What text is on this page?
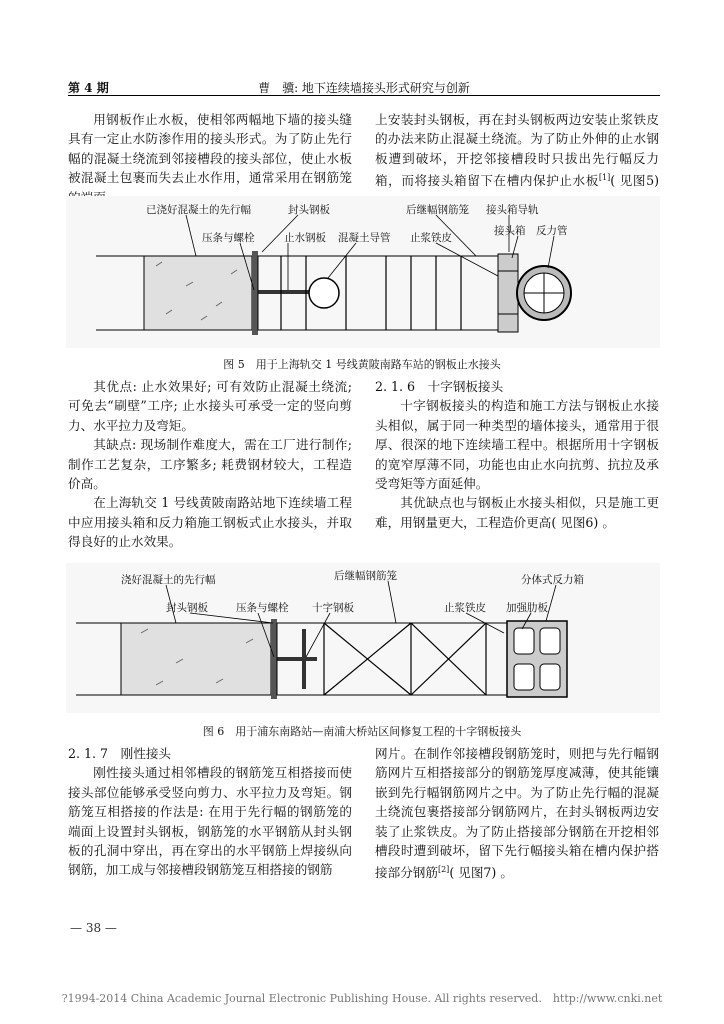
第 4 期	曹　骥: 地下连续墙接头形式研究与创新

用钢板作止水板，使相邻两幅地下墙的接头缝具有一定止水防渗作用的接头形式。为了防止先行幅的混凝土绕流到邻接槽段的接头部位，使止水板被混凝土包裹而失去止水作用，通常采用在钢筋笼

上安装封头钢板，再在封头钢板两边安装止浆铁皮的办法来防止混凝土绕流。为了防止外伸的止水钢板遭到破坏，开挖邻接槽段时只拔出先行幅反力箱，而将接头箱留下在槽内保护止水板[1]( 见图5)

已浇好混凝土的先行幅	封头钢板	后继幅钢筋笼 接头箱导轨
压条与螺栓	止水钢板 混凝土导管 止浆铁皮
接头箱 反力管
图 5　用于上海轨交 1 号线黄陂南路车站的钢板止水接头

其优点: 止水效果好; 可有效防止混凝土绕流; 可免去“刷壁”工序; 止水接头可承受一定的竖向剪力、水平拉力及弯矩。

其缺点: 现场制作难度大，需在工厂进行制作; 制作工艺复杂，工序繁多; 耗费钢材较大，工程造价高。

在上海轨交 1 号线黄陂南路站地下连续墙工程中应用接头箱和反力箱施工钢板式止水接头，并取得良好的止水效果。

2. 1. 6　十字钢板接头

十字钢板接头的构造和施工方法与钢板止水接头相似，属于同一种类型的墙体接头，通常用于很厚、很深的地下连续墙工程中。根据所用十字钢板的宽窄厚薄不同，功能也由止水向抗剪、抗拉及承受弯矩等方面延伸。

其优缺点也与钢板止水接头相似，只是施工更难，用钢量更大，工程造价更高( 见图6) 。

浇好混凝土的先行幅	后继幅钢筋笼	分体式反力箱
封头钢板	压条与螺栓 十字钢板	止浆铁皮 加强肋板
图 6　用于浦东南路站—南浦大桥站区间修复工程的十字钢板接头

2. 1. 7　刚性接头

刚性接头通过相邻槽段的钢筋笼互相搭接而使接头部位能够承受竖向剪力、水平拉力及弯矩。钢筋笼互相搭接的作法是: 在用于先行幅的钢筋笼的端面上设置封头钢板，钢筋笼的水平钢筋从封头钢板的孔洞中穿出，再在穿出的水平钢筋上焊接纵向钢筋，加工成与邻接槽段钢筋笼互相搭接的钢筋

网片。在制作邻接槽段钢筋笼时，则把与先行幅钢筋网片互相搭接部分的钢筋笼厚度减薄，使其能镶嵌到先行幅钢筋网片之中。为了防止先行幅的混凝土绕流包裹搭接部分钢筋网片，在封头钢板两边安装了止浆铁皮。为了防止搭接部分钢筋在开挖相邻槽段时遭到破坏，留下先行幅接头箱在槽内保护搭接部分钢筋[2]( 见图7) 。

— 38 —
?1994-2014 China Academic Journal Electronic Publishing House. All rights reserved.　http://www.cnki.net
